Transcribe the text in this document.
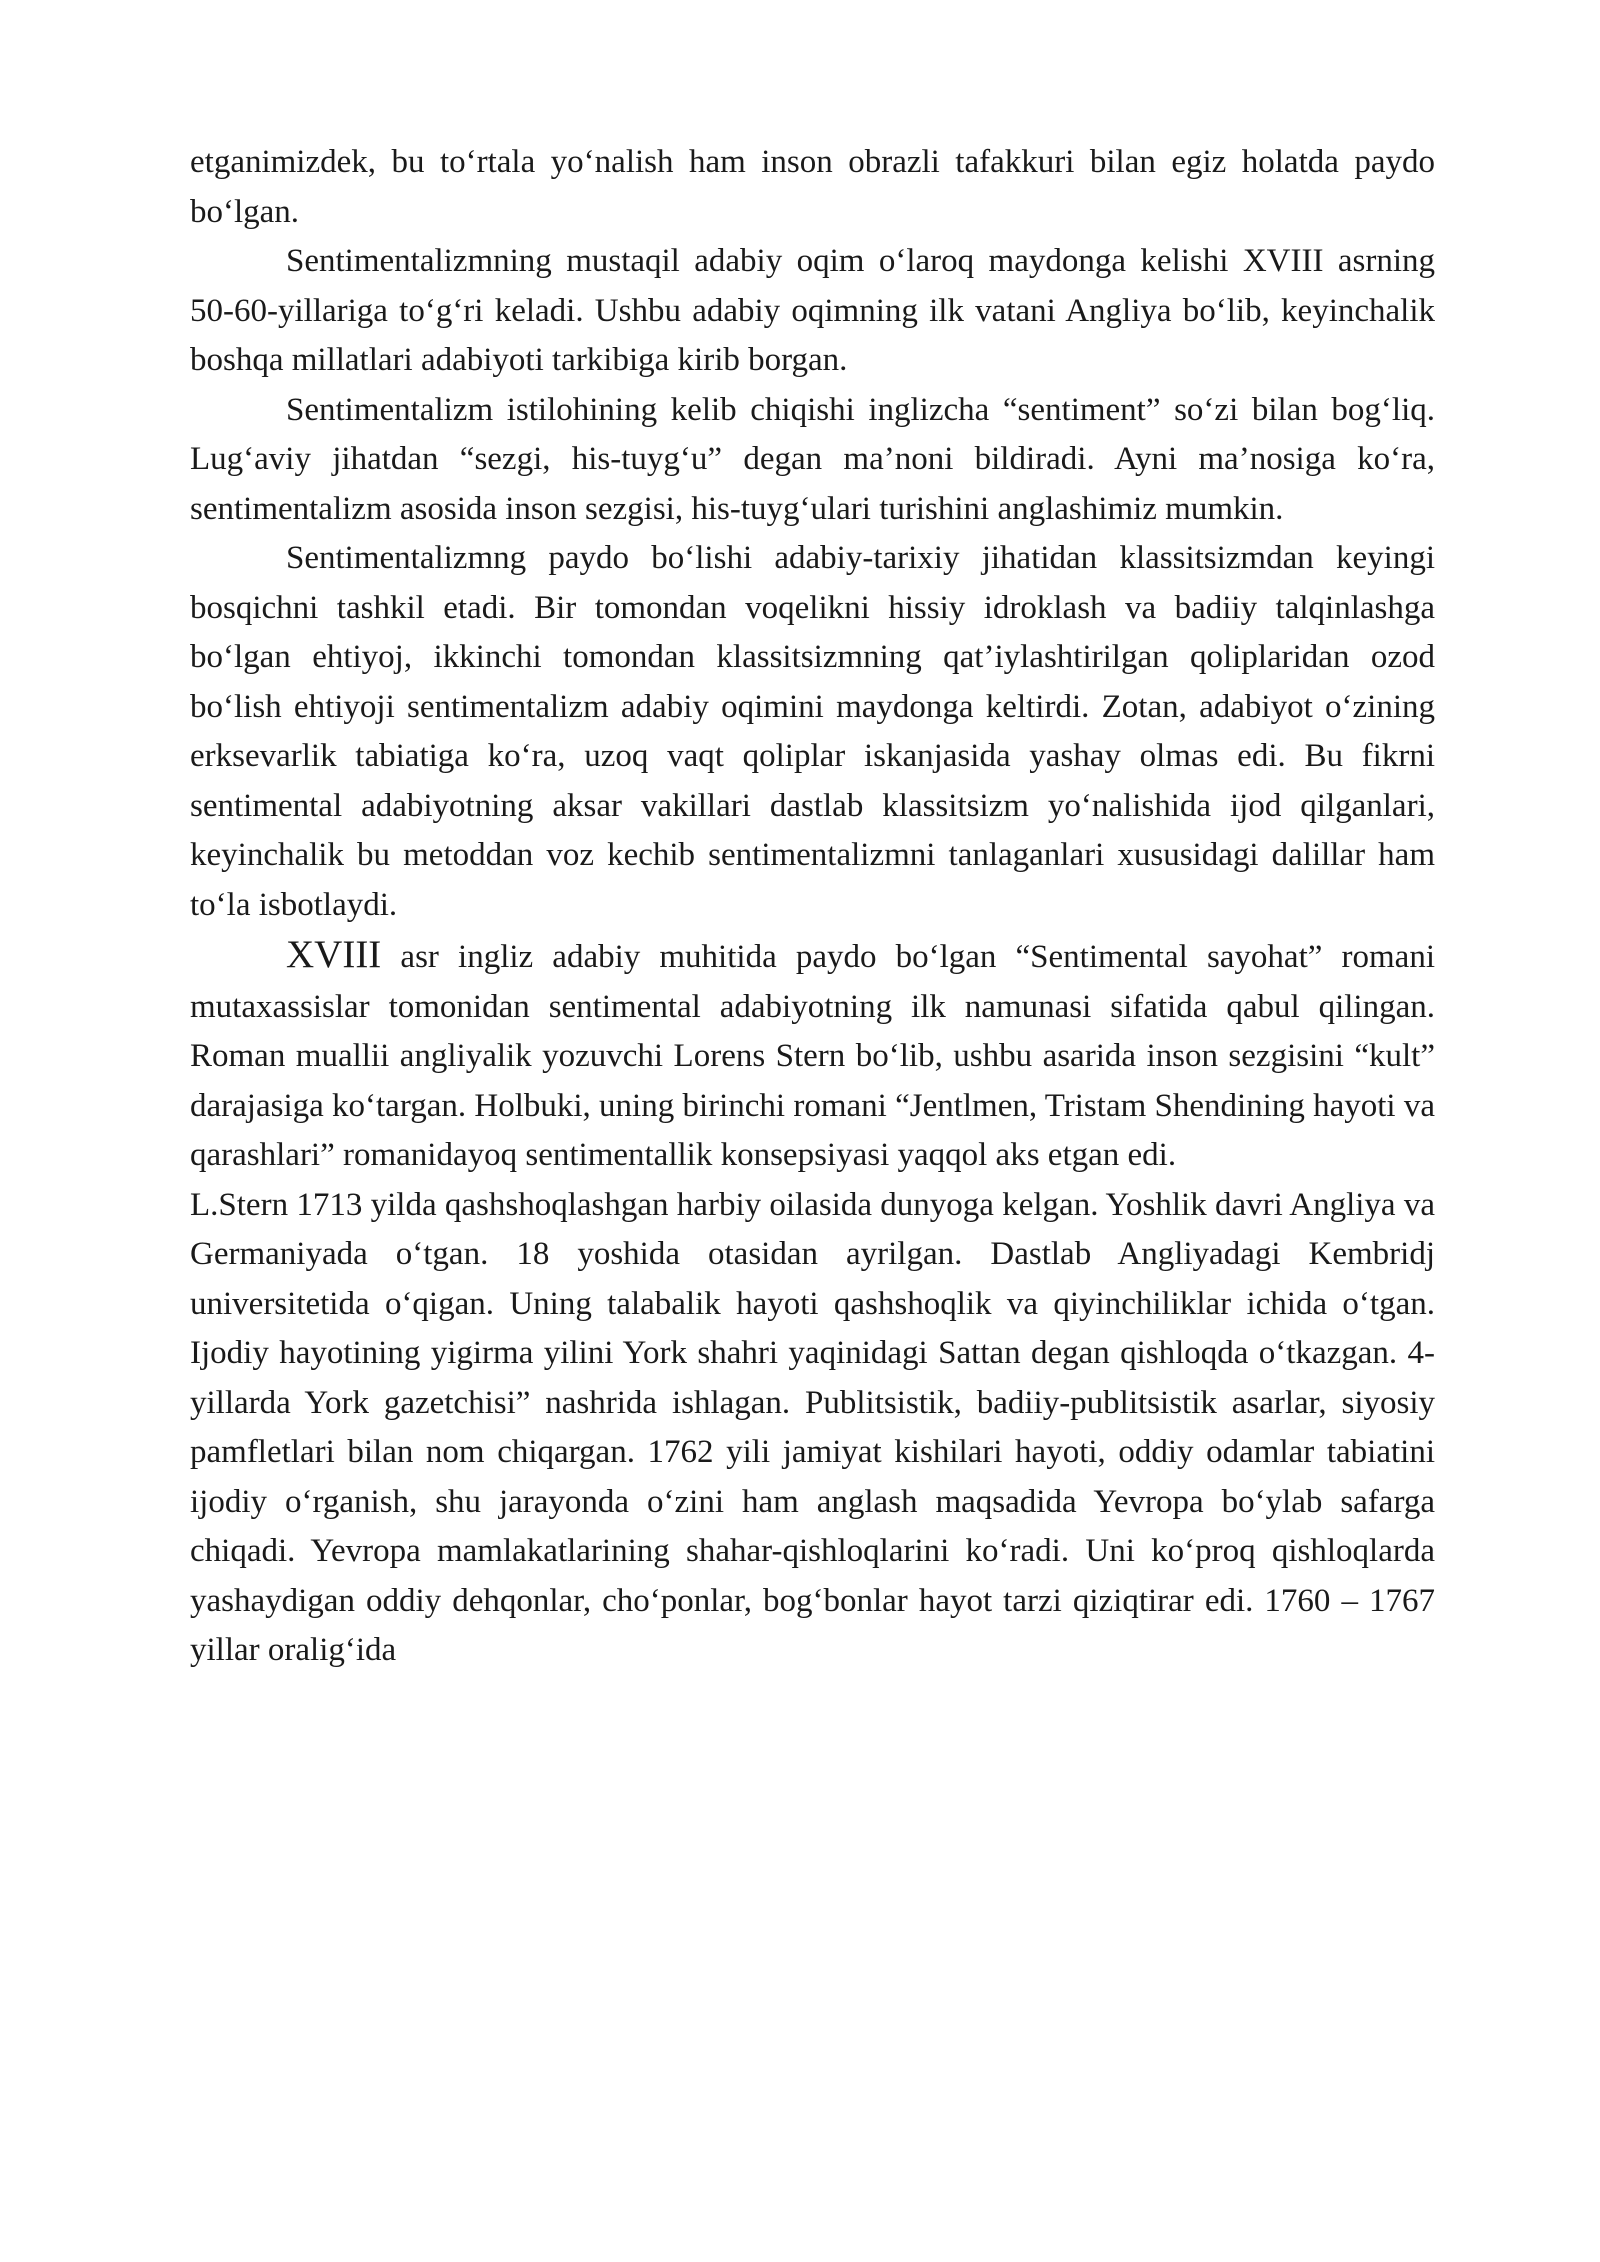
etganimizdek, bu to‘rtala yo‘nalish ham inson obrazli tafakkuri bilan egiz holatda paydo bo‘lgan.

Sentimentalizmning mustaqil adabiy oqim o‘laroq maydonga kelishi XVIII asrning 50-60-yillariga to‘g‘ri keladi. Ushbu adabiy oqimning ilk vatani Angliya bo‘lib, keyinchalik boshqa millatlari adabiyoti tarkibiga kirib borgan.

Sentimentalizm istilohining kelib chiqishi inglizcha “sentiment” so‘zi bilan bog‘liq. Lug‘aviy jihatdan “sezgi, his-tuyg‘u” degan ma’noni bildiradi. Ayni ma’nosiga ko‘ra, sentimentalizm asosida inson sezgisi, his-tuyg‘ulari turishini anglashimiz mumkin.

Sentimentalizmng paydo bo‘lishi adabiy-tarixiy jihatidan klassitsizmdan keyingi bosqichni tashkil etadi. Bir tomondan voqelikni hissiy idroklash va badiiy talqinlashga bo‘lgan ehtiyoj, ikkinchi tomondan klassitsizmning qat’iylashtirilgan qoliplaridan ozod bo‘lish ehtiyoji sentimentalizm adabiy oqimini maydonga keltirdi. Zotan, adabiyot o‘zining erksevarlik tabiatiga ko‘ra, uzoq vaqt qoliplar iskanjasida yashay olmas edi. Bu fikrni sentimental adabiyotning aksar vakillari dastlab klassitsizm yo‘nalishida ijod qilganlari, keyinchalik bu metoddan voz kechib sentimentalizmni tanlaganlari xususidagi dalillar ham to‘la isbotlaydi.

XVIII asr ingliz adabiy muhitida paydo bo‘lgan “Sentimental sayohat” romani mutaxassislar tomonidan sentimental adabiyotning ilk namunasi sifatida qabul qilingan. Roman muallii angliyalik yozuvchi Lorens Stern bo‘lib, ushbu asarida inson sezgisini “kult” darajasiga ko‘targan. Holbuki, uning birinchi romani “Jentlmen, Tristam Shendining hayoti va qarashlari” romanidayoq sentimentallik konsepsiyasi yaqqol aks etgan edi.

L.Stern 1713 yilda qashshoqlashgan harbiy oilasida dunyoga kelgan. Yoshlik davri Angliya va Germaniyada o‘tgan. 18 yoshida otasidan ayrilgan. Dastlab Angliyadagi Kembridj universitetida o‘qigan. Uning talabalik hayoti qashshoqlik va qiyinchiliklar ichida o‘tgan. Ijodiy hayotining yigirma yilini York shahri yaqinidagi Sattan degan qishloqda o‘tkazgan. 4-yillarda York gazetchisi” nashrida ishlagan. Publitsistik, badiiy-publitsistik asarlar, siyosiy pamfletlari bilan nom chiqargan. 1762 yili jamiyat kishilari hayoti, oddiy odamlar tabiatini ijodiy o‘rganish, shu jarayonda o‘zini ham anglash maqsadida Yevropa bo‘ylab safarga chiqadi. Yevropa mamlakatlarining shahar-qishloqlarini ko‘radi. Uni ko‘proq qishloqlarda yashaydigan oddiy dehqonlar, cho‘ponlar, bog‘bonlar hayot tarzi qiziqtirar edi. 1760 – 1767 yillar oralig‘ida
